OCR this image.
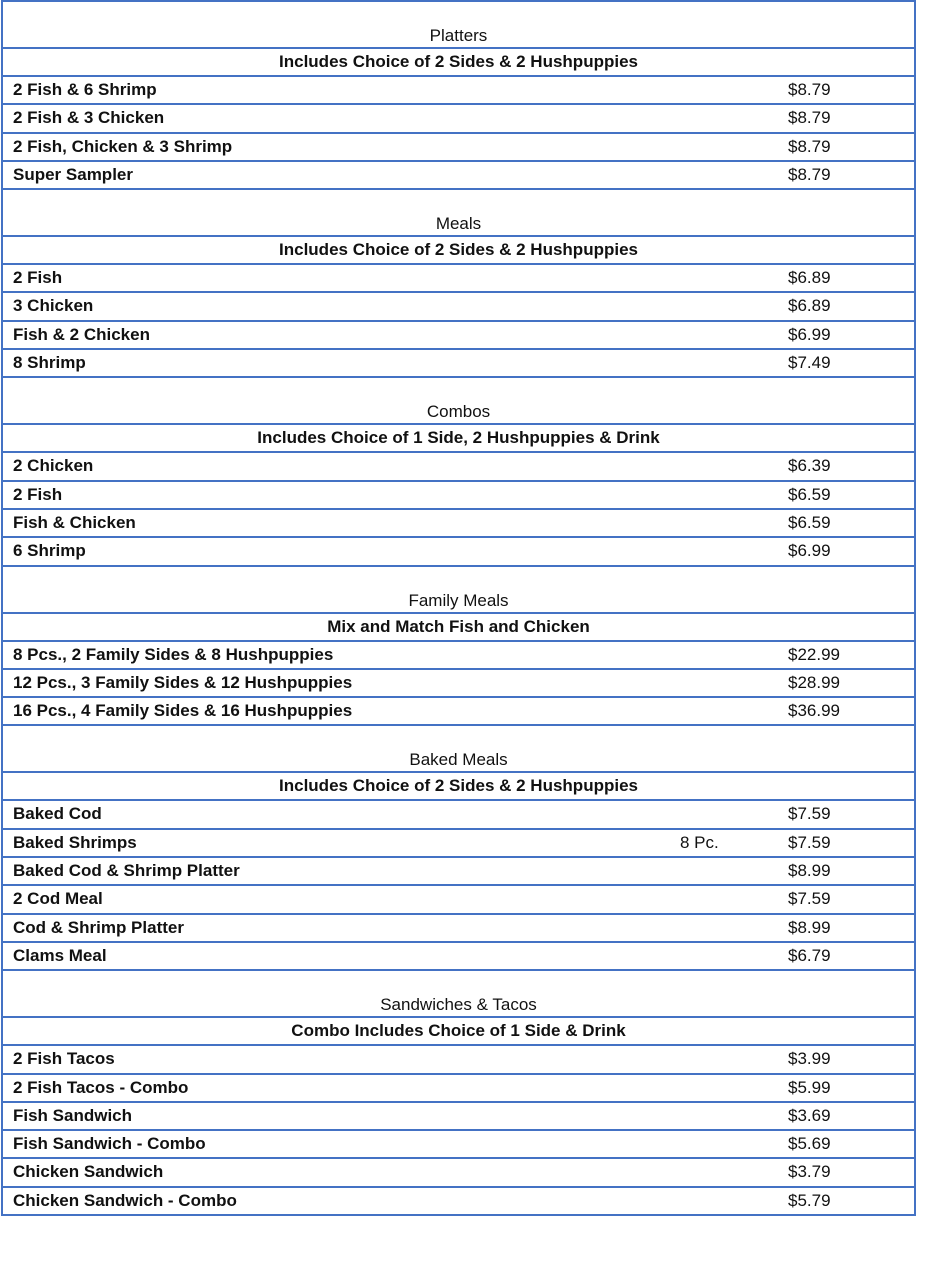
Platters
Includes Choice of 2 Sides & 2 Hushpuppies
2 Fish & 6 Shrimp	$8.79
2 Fish & 3 Chicken	$8.79
2 Fish, Chicken & 3 Shrimp	$8.79
Super Sampler	$8.79
Meals
Includes Choice of 2 Sides & 2 Hushpuppies
2 Fish	$6.89
3 Chicken	$6.89
Fish & 2 Chicken	$6.99
8 Shrimp	$7.49
Combos
Includes Choice of 1 Side, 2 Hushpuppies & Drink
2 Chicken	$6.39
2 Fish	$6.59
Fish & Chicken	$6.59
6 Shrimp	$6.99
Family Meals
Mix and Match Fish and Chicken
8 Pcs., 2 Family Sides & 8 Hushpuppies	$22.99
12 Pcs., 3 Family Sides & 12 Hushpuppies	$28.99
16 Pcs., 4 Family Sides & 16 Hushpuppies	$36.99
Baked Meals
Includes Choice of 2 Sides & 2 Hushpuppies
Baked Cod	$7.59
Baked Shrimps	8 Pc.	$7.59
Baked Cod & Shrimp Platter	$8.99
2 Cod Meal	$7.59
Cod & Shrimp Platter	$8.99
Clams Meal	$6.79
Sandwiches & Tacos
Combo Includes Choice of 1 Side & Drink
2 Fish Tacos	$3.99
2 Fish Tacos - Combo	$5.99
Fish Sandwich	$3.69
Fish Sandwich - Combo	$5.69
Chicken Sandwich	$3.79
Chicken Sandwich - Combo	$5.79
